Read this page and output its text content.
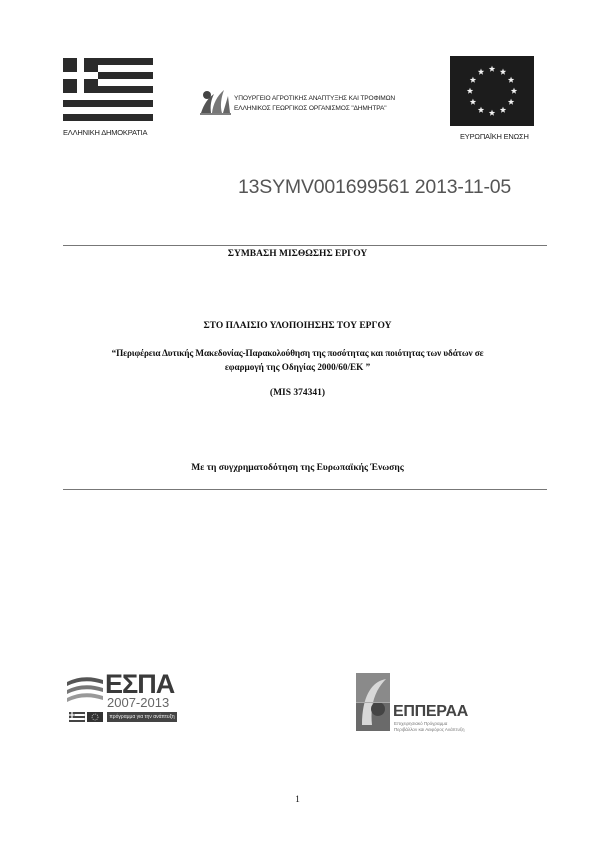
ΕΛΛΗΝΙΚΗ ΔΗΜΟΚΡΑΤΙΑ
ΥΠΟΥΡΓΕΙΟ ΑΓΡΟΤΙΚΗΣ ΑΝΑΠΤΥΞΗΣ ΚΑΙ ΤΡΟΦΙΜΩΝ
ΕΛΛΗΝΙΚΟΣ ΓΕΩΡΓΙΚΟΣ ΟΡΓΑΝΙΣΜΟΣ "ΔΗΜΗΤΡΑ"
ΕΥΡΩΠΑΪΚΗ ΕΝΩΣΗ
13SYMV001699561 2013-11-05
ΣΥΜΒΑΣΗ ΜΙΣΘΩΣΗΣ ΕΡΓΟΥ
ΣΤΟ ΠΛΑΙΣΙΟ ΥΛΟΠΟΙΗΣΗΣ ΤΟΥ ΕΡΓΟΥ
“Περιφέρεια Δυτικής Μακεδονίας-Παρακολούθηση της ποσότητας και ποιότητας των υδάτων σε
εφαρμογή της Οδηγίας 2000/60/ΕΚ ”
(MIS 374341)
Με τη συγχρηματοδότηση της Ευρωπαϊκής Ένωσης
ΕΣΠΑ
2007-2013
πρόγραμμα για την ανάπτυξη	ΕΠΠΕΡΑΑ
Επιχειρησιακό Πρόγραμμα
Περιβάλλον και Αειφόρος Ανάπτυξη
1
